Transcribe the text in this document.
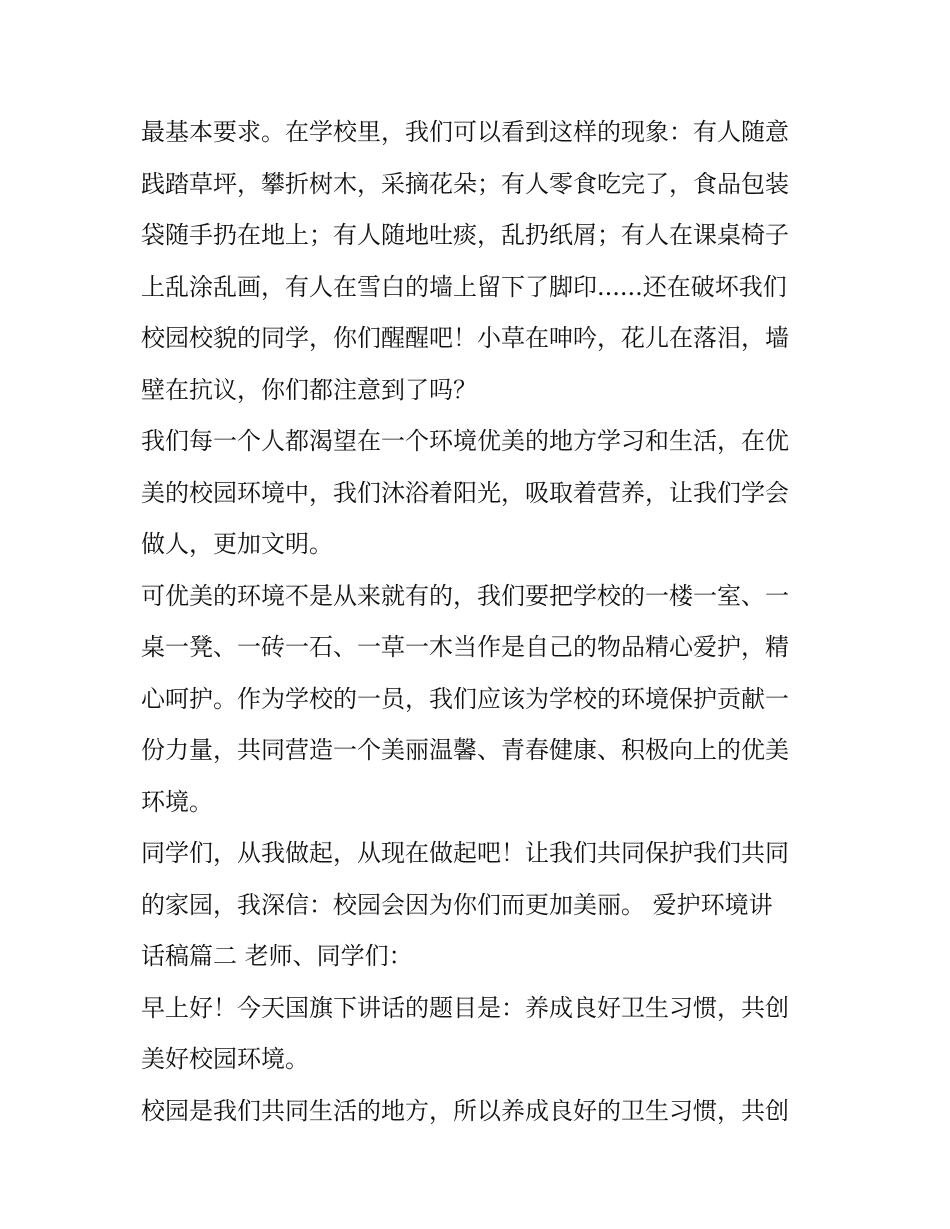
最基本要求。在学校里，我们可以看到这样的现象：有人随意
践踏草坪，攀折树木，采摘花朵；有人零食吃完了，食品包装
袋随手扔在地上；有人随地吐痰，乱扔纸屑；有人在课桌椅子
上乱涂乱画，有人在雪白的墙上留下了脚印......还在破坏我们
校园校貌的同学，你们醒醒吧！小草在呻吟，花儿在落泪，墙
壁在抗议，你们都注意到了吗？
我们每一个人都渴望在一个环境优美的地方学习和生活，在优
美的校园环境中，我们沐浴着阳光，吸取着营养，让我们学会
做人，更加文明。
可优美的环境不是从来就有的，我们要把学校的一楼一室、一
桌一凳、一砖一石、一草一木当作是自己的物品精心爱护，精
心呵护。作为学校的一员，我们应该为学校的环境保护贡献一
份力量，共同营造一个美丽温馨、青春健康、积极向上的优美
环境。
同学们，从我做起，从现在做起吧！让我们共同保护我们共同
的家园，我深信：校园会因为你们而更加美丽。 爱护环境讲
话稿篇二 老师、同学们：
早上好！今天国旗下讲话的题目是：养成良好卫生习惯，共创
美好校园环境。
校园是我们共同生活的地方，所以养成良好的卫生习惯，共创
